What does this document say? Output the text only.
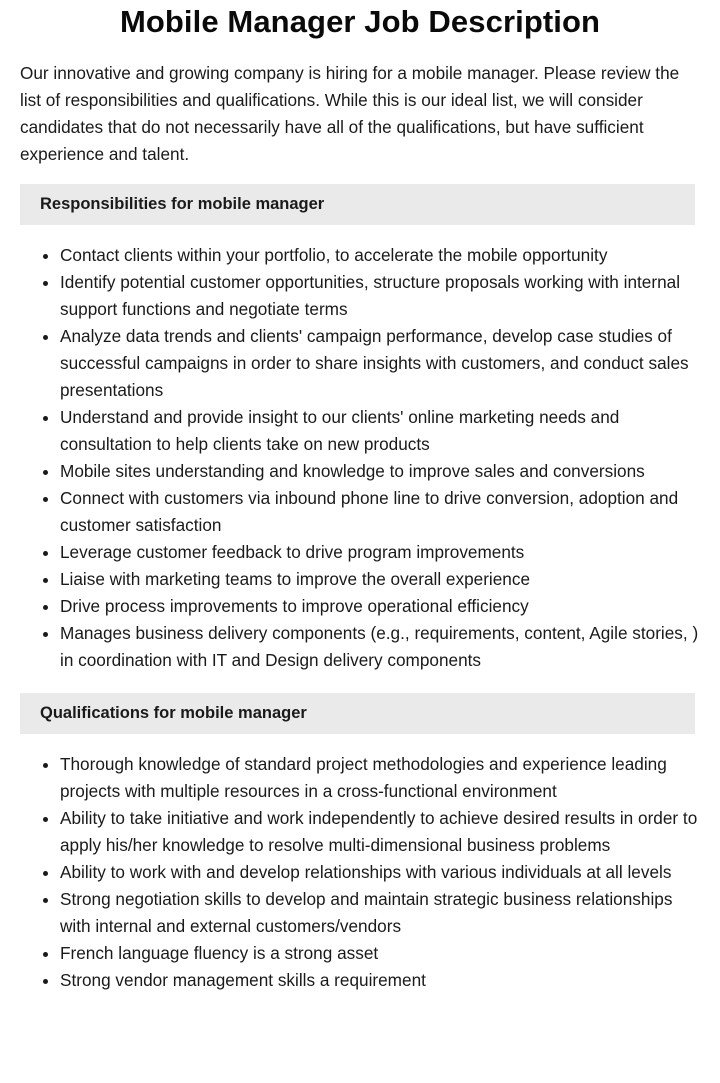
Mobile Manager Job Description

Our innovative and growing company is hiring for a mobile manager. Please review the list of responsibilities and qualifications. While this is our ideal list, we will consider candidates that do not necessarily have all of the qualifications, but have sufficient experience and talent.

Responsibilities for mobile manager
Contact clients within your portfolio, to accelerate the mobile opportunity
Identify potential customer opportunities, structure proposals working with internal support functions and negotiate terms
Analyze data trends and clients' campaign performance, develop case studies of successful campaigns in order to share insights with customers, and conduct sales presentations
Understand and provide insight to our clients' online marketing needs and consultation to help clients take on new products
Mobile sites understanding and knowledge to improve sales and conversions
Connect with customers via inbound phone line to drive conversion, adoption and customer satisfaction
Leverage customer feedback to drive program improvements
Liaise with marketing teams to improve the overall experience
Drive process improvements to improve operational efficiency
Manages business delivery components (e.g., requirements, content, Agile stories, ) in coordination with IT and Design delivery components
Qualifications for mobile manager
Thorough knowledge of standard project methodologies and experience leading projects with multiple resources in a cross-functional environment
Ability to take initiative and work independently to achieve desired results in order to apply his/her knowledge to resolve multi-dimensional business problems
Ability to work with and develop relationships with various individuals at all levels
Strong negotiation skills to develop and maintain strategic business relationships with internal and external customers/vendors
French language fluency is a strong asset
Strong vendor management skills a requirement
